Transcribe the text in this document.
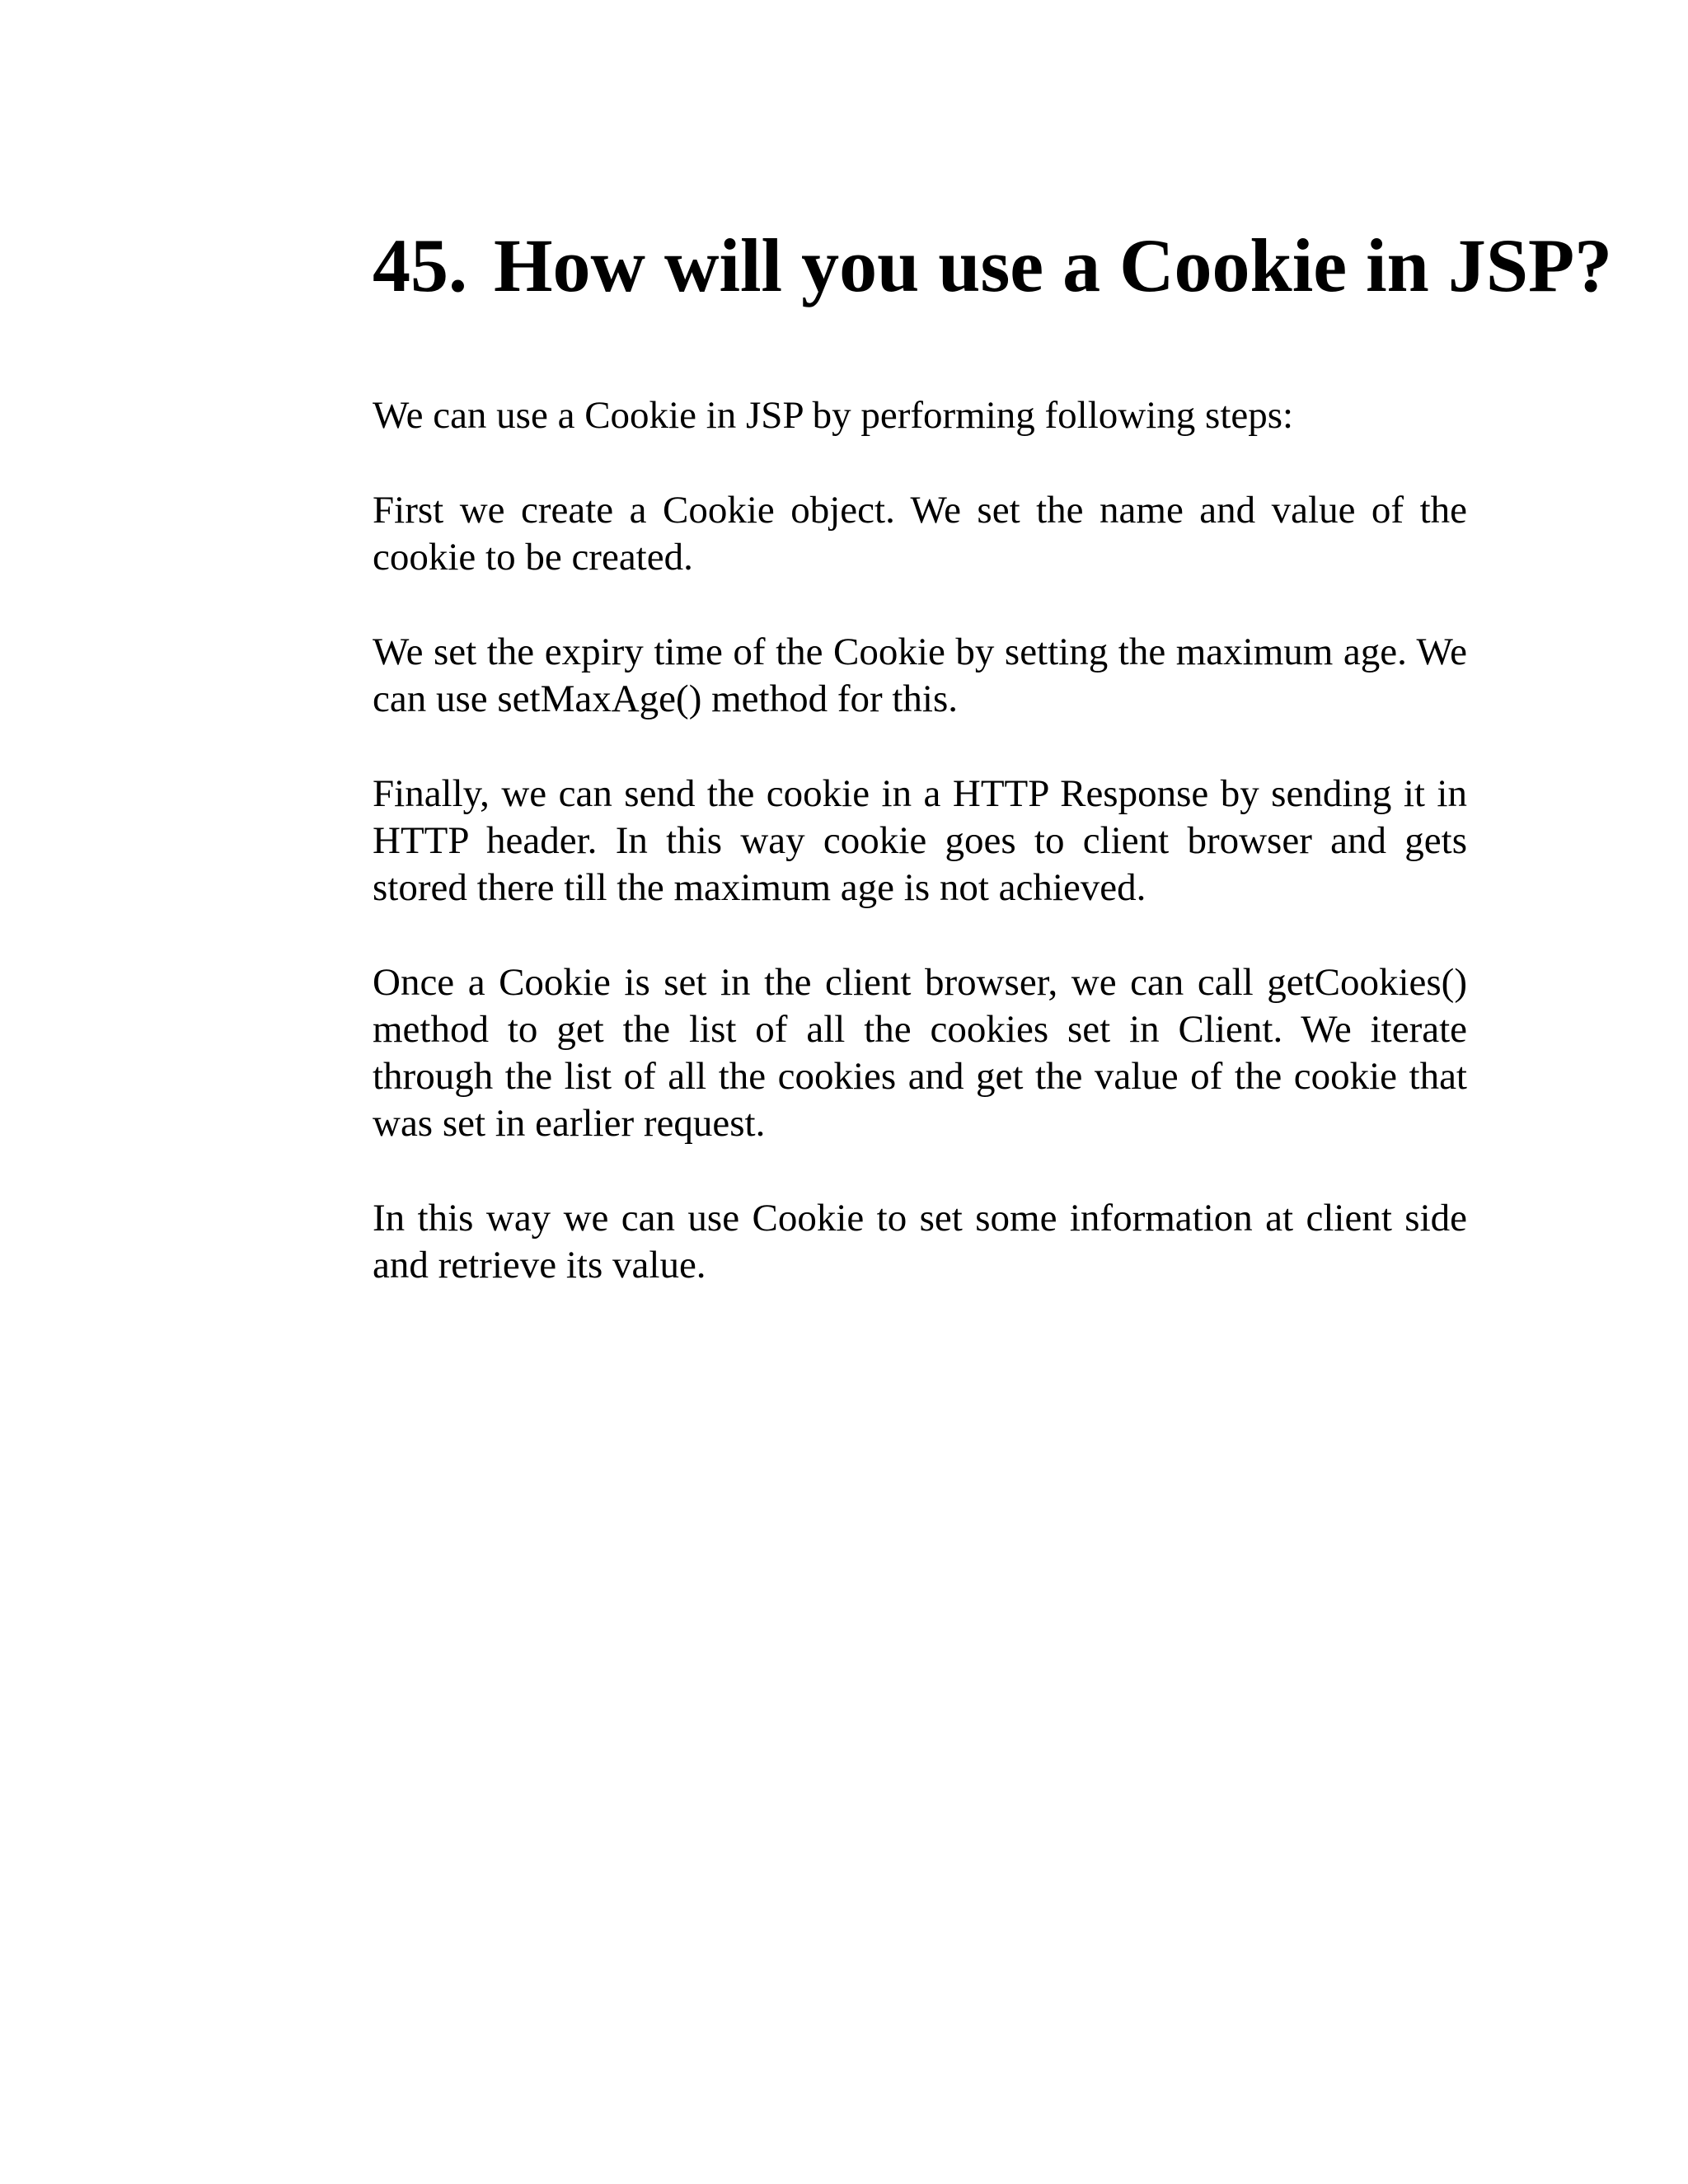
45. How will you use a Cookie in JSP?

We can use a Cookie in JSP by performing following steps:

First we create a Cookie object. We set the name and value of the cookie to be created.

We set the expiry time of the Cookie by setting the maximum age. We can use setMaxAge() method for this.

Finally, we can send the cookie in a HTTP Response by sending it in HTTP header. In this way cookie goes to client browser and gets stored there till the maximum age is not achieved.

Once a Cookie is set in the client browser, we can call getCookies() method to get the list of all the cookies set in Client. We iterate through the list of all the cookies and get the value of the cookie that was set in earlier request.

In this way we can use Cookie to set some information at client side and retrieve its value.
